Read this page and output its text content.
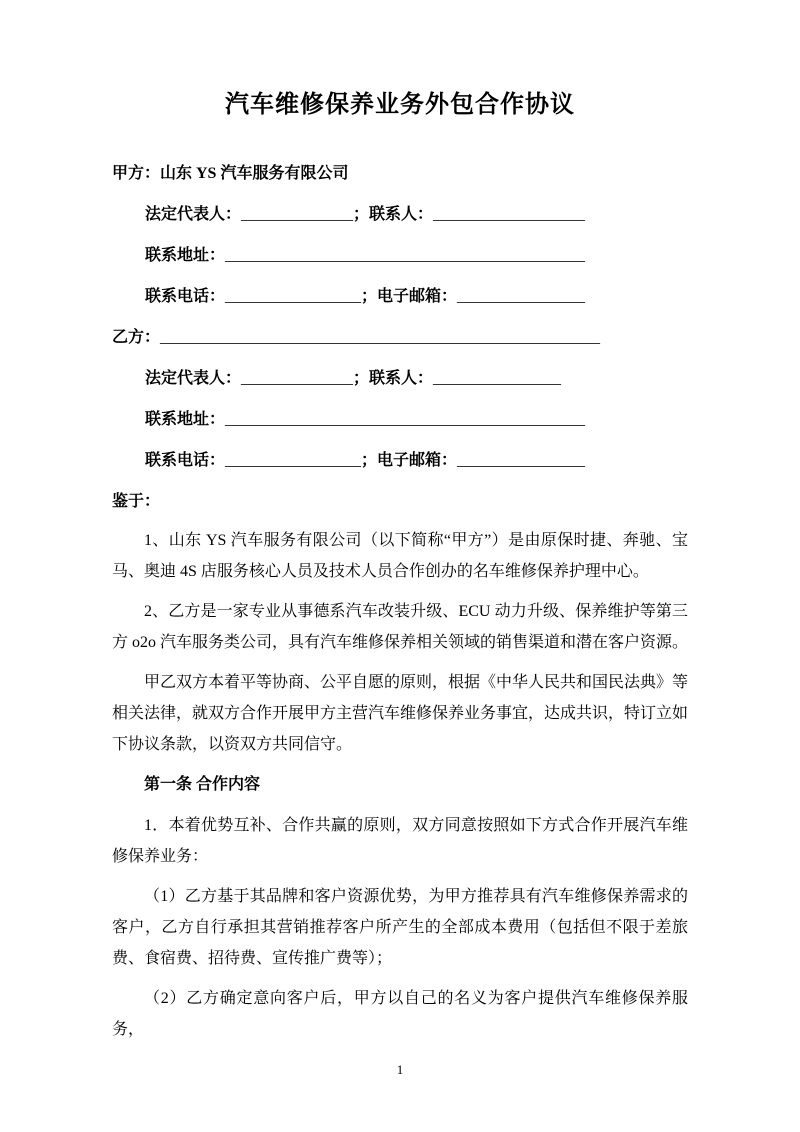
汽车维修保养业务外包合作协议

甲方：山东 YS 汽车服务有限公司

法定代表人：______________；联系人：___________________

联系地址：_____________________________________________

联系电话：_________________；电子邮箱：________________

乙方：_______________________________________________________

法定代表人：______________；联系人：________________

联系地址：_____________________________________________

联系电话：_________________；电子邮箱：________________

鉴于：

1、山东 YS 汽车服务有限公司（以下简称“甲方”）是由原保时捷、奔驰、宝马、奥迪 4S 店服务核心人员及技术人员合作创办的名车维修保养护理中心。

2、乙方是一家专业从事德系汽车改装升级、ECU 动力升级、保养维护等第三方 o2o 汽车服务类公司，具有汽车维修保养相关领域的销售渠道和潜在客户资源。

甲乙双方本着平等协商、公平自愿的原则，根据《中华人民共和国民法典》等相关法律，就双方合作开展甲方主营汽车维修保养业务事宜，达成共识，特订立如下协议条款，以资双方共同信守。

第一条 合作内容

1．本着优势互补、合作共赢的原则，双方同意按照如下方式合作开展汽车维修保养业务：

（1）乙方基于其品牌和客户资源优势，为甲方推荐具有汽车维修保养需求的客户，乙方自行承担其营销推荐客户所产生的全部成本费用（包括但不限于差旅费、食宿费、招待费、宣传推广费等）；

（2）乙方确定意向客户后，甲方以自己的名义为客户提供汽车维修保养服务，

1
